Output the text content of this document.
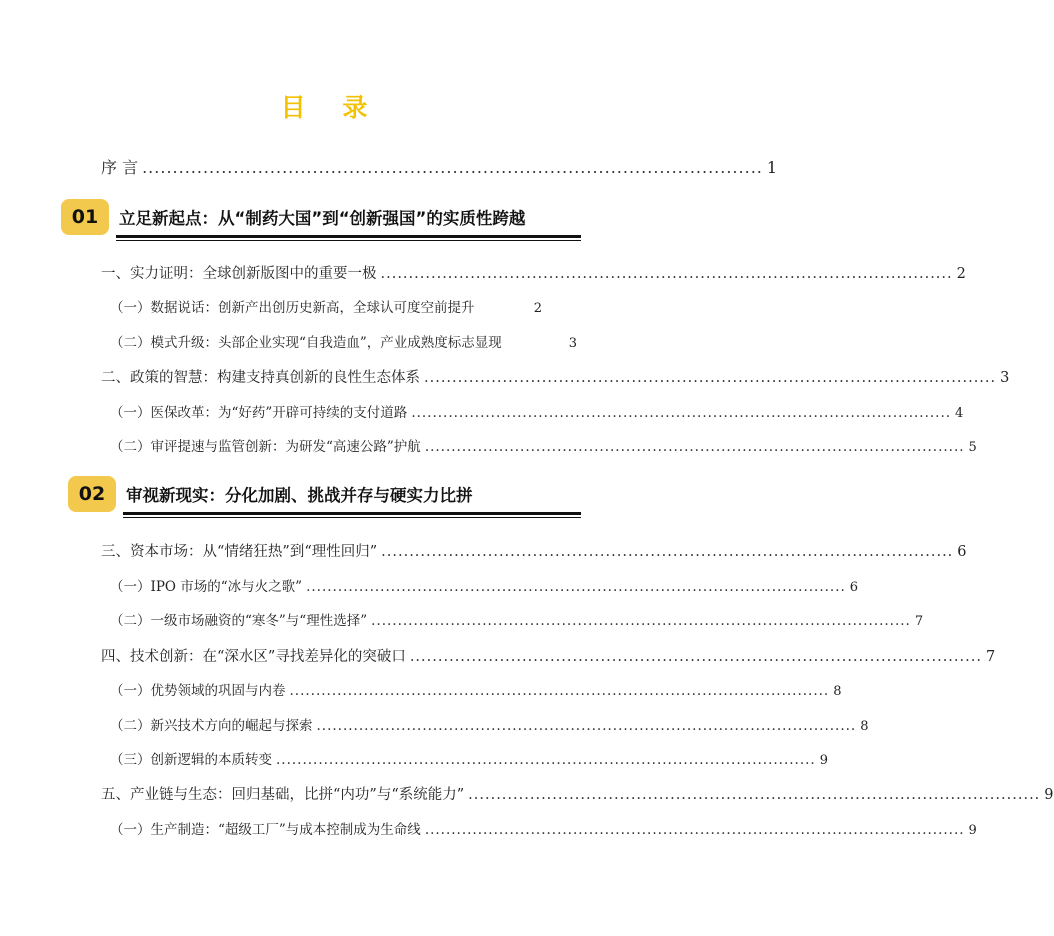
目 录
序 言 ...................................................................................................... 1
01	立足新起点：从“制药大国”到“创新强国”的实质性跨越
一、实力证明：全球创新版图中的重要一极 ...................................................................................................... 2
（一）数据说话：创新产出创历史新高，全球认可度空前提升	2
（二）模式升级：头部企业实现“自我造血”，产业成熟度标志显现	3
二、政策的智慧：构建支持真创新的良性生态体系 ...................................................................................................... 3
（一）医保改革：为“好药”开辟可持续的支付道路 ...................................................................................................... 4
（二）审评提速与监管创新：为研发“高速公路”护航 ...................................................................................................... 5
02	审视新现实：分化加剧、挑战并存与硬实力比拼
三、资本市场：从“情绪狂热”到“理性回归” ...................................................................................................... 6
（一）IPO 市场的“冰与火之歌” ...................................................................................................... 6
（二）一级市场融资的“寒冬”与“理性选择” ...................................................................................................... 7
四、技术创新：在“深水区”寻找差异化的突破口 ...................................................................................................... 7
（一）优势领域的巩固与内卷 ...................................................................................................... 8
（二）新兴技术方向的崛起与探索 ...................................................................................................... 8
（三）创新逻辑的本质转变 ...................................................................................................... 9
五、产业链与生态：回归基础，比拼“内功”与“系统能力” ...................................................................................................... 9
（一）生产制造：“超级工厂”与成本控制成为生命线 ...................................................................................................... 9
